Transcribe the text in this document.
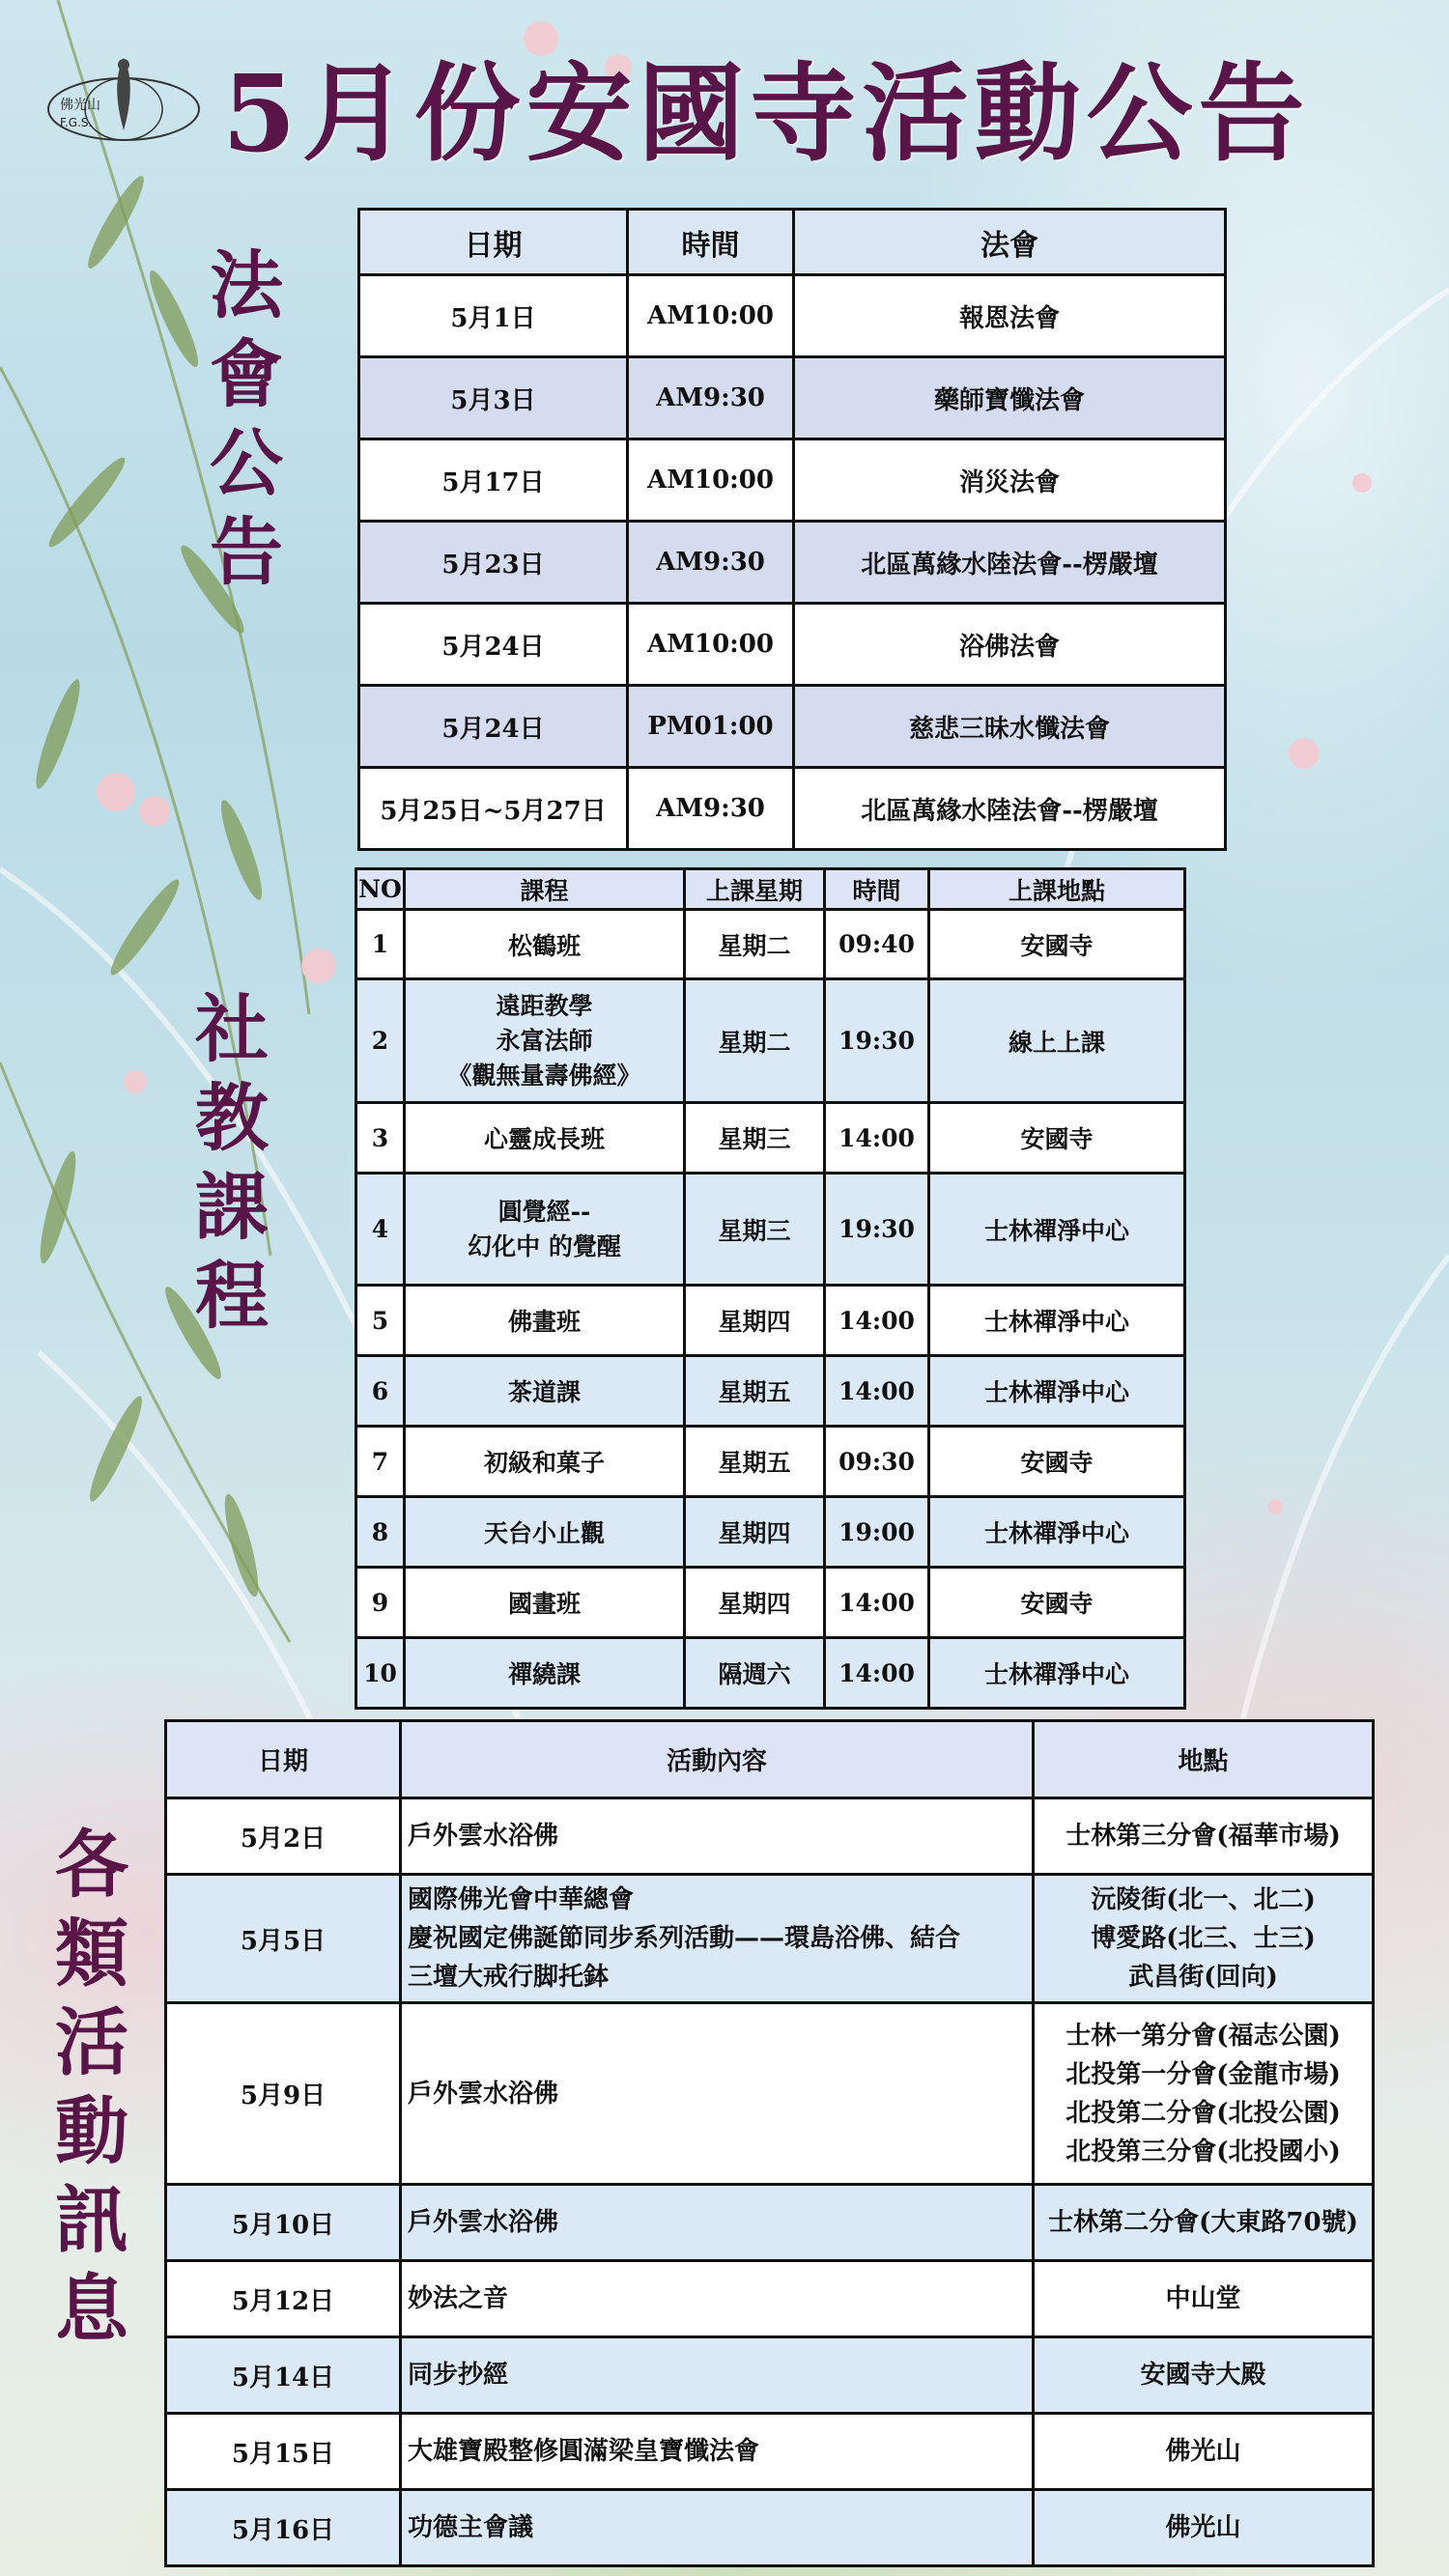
佛光山
F.G.S. 5月份安國寺活動公告
法
會
公
告
社
教
課
程
各
類
活
動
訊
息
日期	時間	法會
5月1日	AM10:00	報恩法會
5月3日	AM9:30	藥師寶懺法會
5月17日	AM10:00	消災法會
5月23日	AM9:30	北區萬緣水陸法會--楞嚴壇
5月24日	AM10:00	浴佛法會
5月24日	PM01:00	慈悲三昧水懺法會
5月25日~5月27日	AM9:30	北區萬緣水陸法會--楞嚴壇
NO	課程	上課星期	時間	上課地點
1	松鶴班	星期二	09:40	安國寺
2	遠距教學
永富法師
《觀無量壽佛經》	星期二	19:30	線上上課
3	心靈成長班	星期三	14:00	安國寺
4	圓覺經--
幻化中 的覺醒	星期三	19:30	士林禪淨中心
5	佛畫班	星期四	14:00	士林禪淨中心
6	茶道課	星期五	14:00	士林禪淨中心
7	初級和菓子	星期五	09:30	安國寺
8	天台小止觀	星期四	19:00	士林禪淨中心
9	國畫班	星期四	14:00	安國寺
10	禪繞課	隔週六	14:00	士林禪淨中心
日期	活動內容	地點
5月2日	戶外雲水浴佛	士林第三分會(福華市場)

5月5日	國際佛光會中華總會
慶祝國定佛誕節同步系列活動——環島浴佛、結合
三壇大戒行脚托鉢	沅陵街(北一、北二)
博愛路(北三、士三)
武昌街(回向)

5月9日	戶外雲水浴佛	士林一第分會(福志公園)
北投第一分會(金龍市場)
北投第二分會(北投公園)
北投第三分會(北投國小)

5月10日	戶外雲水浴佛	士林第二分會(大東路70號)

5月12日	妙法之音	中山堂

5月14日	同步抄經	安國寺大殿

5月15日	大雄寶殿整修圓滿梁皇寶懺法會	佛光山

5月16日	功德主會議	佛光山
